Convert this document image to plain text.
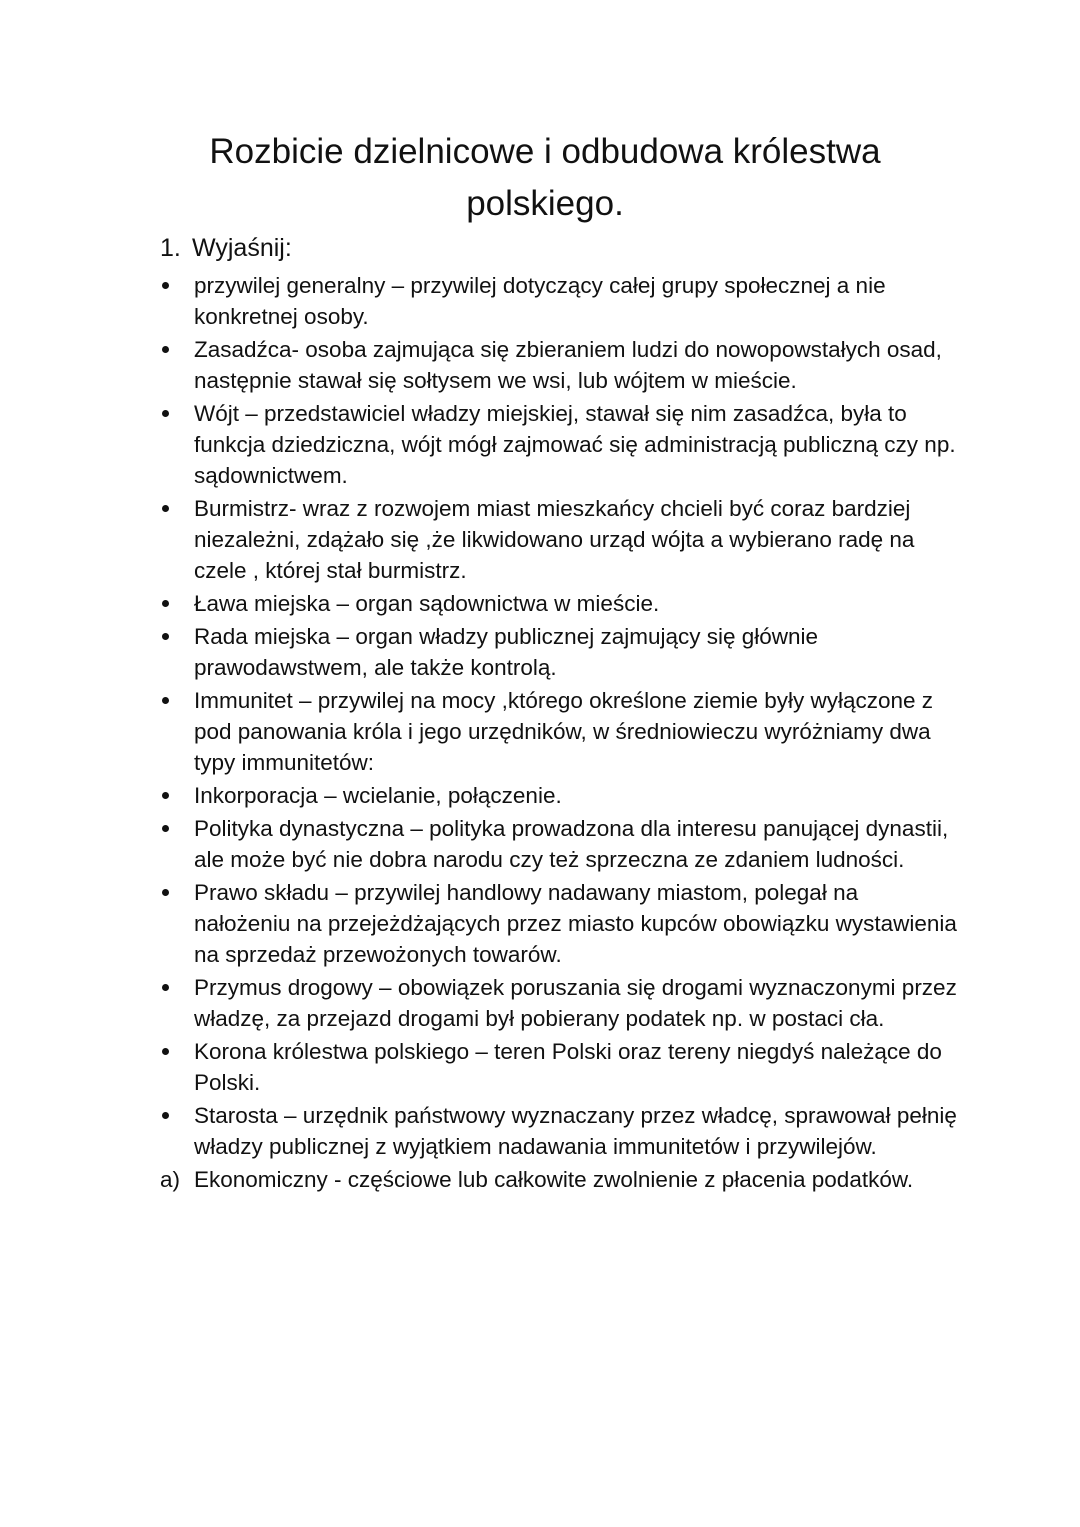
Rozbicie dzielnicowe i odbudowa królestwa polskiego.
1. Wyjaśnij:
przywilej generalny – przywilej dotyczący całej grupy społecznej a nie konkretnej osoby.
Zasadźca- osoba zajmująca się zbieraniem ludzi do nowopowstałych osad, następnie stawał się sołtysem we wsi, lub wójtem w mieście.
Wójt – przedstawiciel władzy miejskiej, stawał się nim zasadźca, była to funkcja dziedziczna, wójt mógł zajmować się administracją publiczną czy np. sądownictwem.
Burmistrz- wraz z rozwojem miast mieszkańcy chcieli być coraz bardziej niezależni, zdążało się ,że likwidowano urząd wójta a wybierano radę na czele , której stał burmistrz.
Ława miejska – organ sądownictwa w mieście.
Rada miejska – organ władzy publicznej zajmujący się głównie prawodawstwem, ale także kontrolą.
Immunitet – przywilej na mocy ,którego określone ziemie były wyłączone z pod panowania króla i jego urzędników, w średniowieczu wyróżniamy dwa typy immunitetów:
Inkorporacja – wcielanie, połączenie.
Polityka dynastyczna – polityka prowadzona dla interesu panującej dynastii, ale może być nie dobra narodu czy też sprzeczna ze zdaniem ludności.
Prawo składu – przywilej handlowy nadawany miastom, polegał na nałożeniu na przejeżdżających przez miasto kupców obowiązku wystawienia na sprzedaż przewożonych towarów.
Przymus drogowy – obowiązek poruszania się drogami wyznaczonymi przez władzę, za przejazd drogami był pobierany podatek np. w postaci cła.
Korona królestwa polskiego – teren Polski oraz tereny niegdyś należące do Polski.
Starosta – urzędnik państwowy wyznaczany przez władcę, sprawował pełnię władzy publicznej z wyjątkiem nadawania immunitetów i przywilejów.
a) Ekonomiczny - częściowe lub całkowite zwolnienie z płacenia podatków.
